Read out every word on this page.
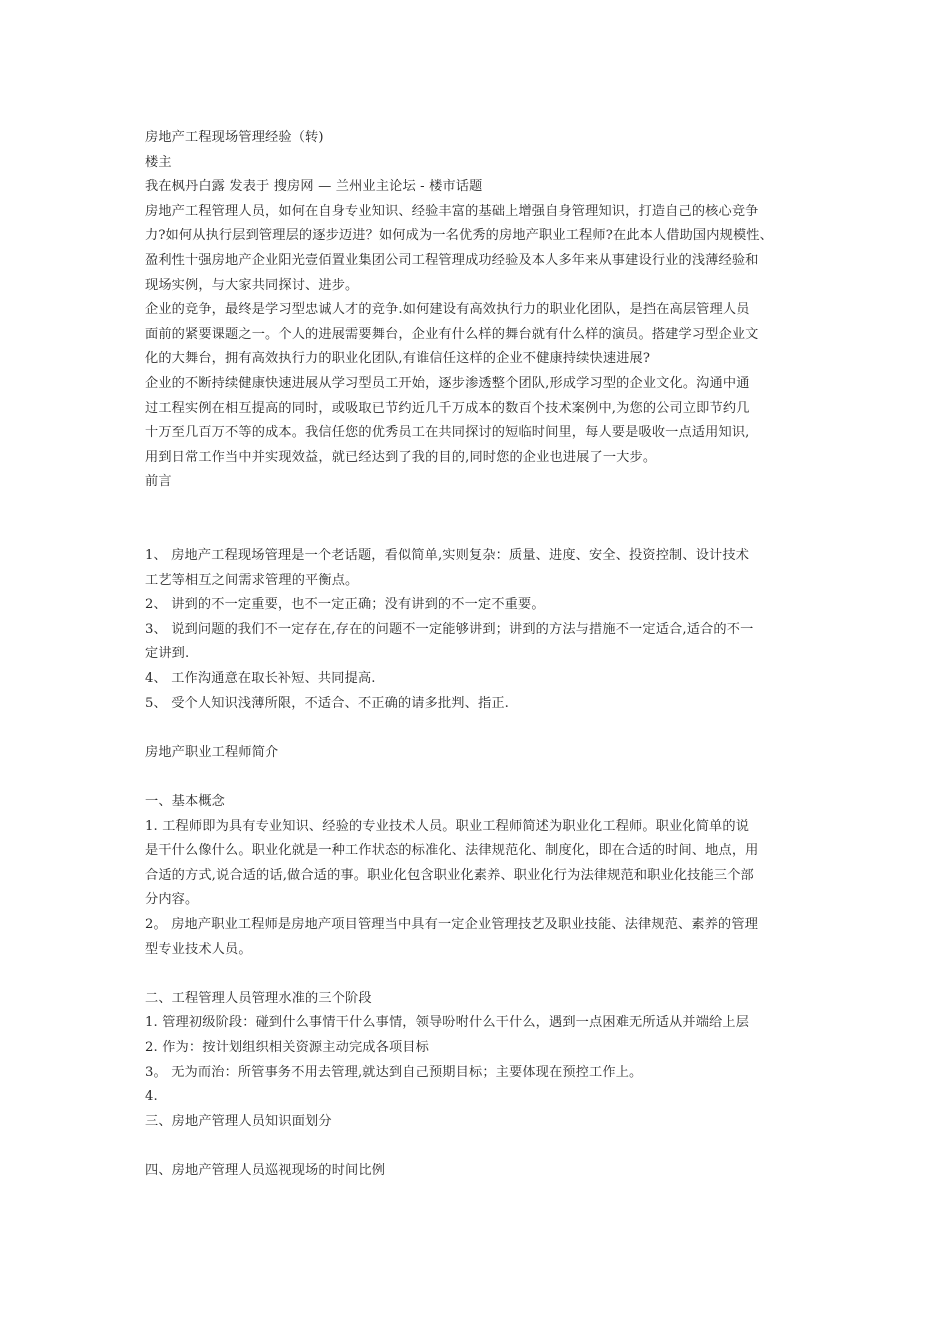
房地产工程现场管理经验（转)
楼主
我在枫丹白露 发表于 搜房网 — 兰州业主论坛 - 楼市话题
房地产工程管理人员，如何在自身专业知识、经验丰富的基础上增强自身管理知识，打造自己的核心竞争
力?如何从执行层到管理层的逐步迈进？如何成为一名优秀的房地产职业工程师?在此本人借助国内规模性、
盈利性十强房地产企业阳光壹佰置业集团公司工程管理成功经验及本人多年来从事建设行业的浅薄经验和
现场实例，与大家共同探讨、进步。
企业的竞争，最终是学习型忠诚人才的竞争.如何建设有高效执行力的职业化团队，是挡在高层管理人员
面前的紧要课题之一。个人的进展需要舞台，企业有什么样的舞台就有什么样的演员。搭建学习型企业文
化的大舞台，拥有高效执行力的职业化团队,有谁信任这样的企业不健康持续快速进展?
企业的不断持续健康快速进展从学习型员工开始，逐步渗透整个团队,形成学习型的企业文化。沟通中通
过工程实例在相互提高的同时，或吸取已节约近几千万成本的数百个技术案例中,为您的公司立即节约几
十万至几百万不等的成本。我信任您的优秀员工在共同探讨的短临时间里，每人要是吸收一点适用知识,
用到日常工作当中并实现效益，就已经达到了我的目的,同时您的企业也进展了一大步。
前言
1、 房地产工程现场管理是一个老话题，看似简单,实则复杂：质量、进度、安全、投资控制、设计技术
工艺等相互之间需求管理的平衡点。
2、 讲到的不一定重要，也不一定正确；没有讲到的不一定不重要。
3、 说到问题的我们不一定存在,存在的问题不一定能够讲到；讲到的方法与措施不一定适合,适合的不一
定讲到.
4、 工作沟通意在取长补短、共同提高.
5、 受个人知识浅薄所限，不适合、不正确的请多批判、指正.
房地产职业工程师简介
一、基本概念
1. 工程师即为具有专业知识、经验的专业技术人员。职业工程师简述为职业化工程师。职业化简单的说
是干什么像什么。职业化就是一种工作状态的标准化、法律规范化、制度化，即在合适的时间、地点，用
合适的方式,说合适的话,做合适的事。职业化包含职业化素养、职业化行为法律规范和职业化技能三个部
分内容。
2。 房地产职业工程师是房地产项目管理当中具有一定企业管理技艺及职业技能、法律规范、素养的管理
型专业技术人员。
二、工程管理人员管理水准的三个阶段
1. 管理初级阶段：碰到什么事情干什么事情，领导吩咐什么干什么，遇到一点困难无所适从并端给上层
2. 作为：按计划组织相关资源主动完成各项目标
3。 无为而治：所管事务不用去管理,就达到自己预期目标；主要体现在预控工作上。
4.
三、房地产管理人员知识面划分
四、房地产管理人员巡视现场的时间比例
